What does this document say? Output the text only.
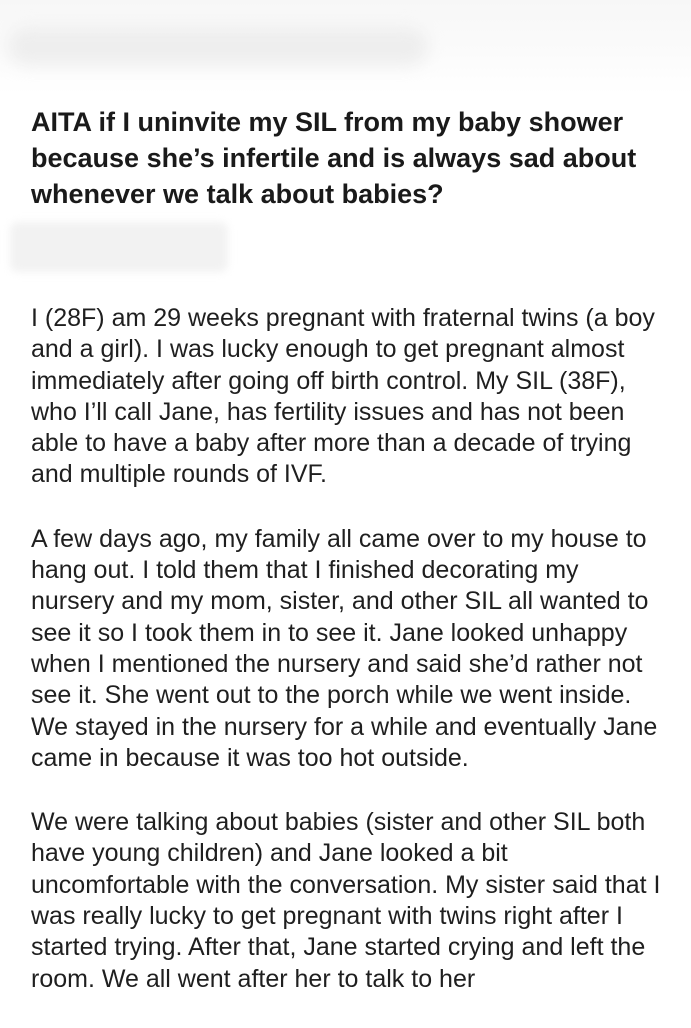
AITA if I uninvite my SIL from my baby shower because she’s infertile and is always sad about whenever we talk about babies?

I (28F) am 29 weeks pregnant with fraternal twins (a boy and a girl). I was lucky enough to get pregnant almost immediately after going off birth control. My SIL (38F), who I’ll call Jane, has fertility issues and has not been able to have a baby after more than a decade of trying and multiple rounds of IVF.

A few days ago, my family all came over to my house to hang out. I told them that I finished decorating my nursery and my mom, sister, and other SIL all wanted to see it so I took them in to see it. Jane looked unhappy when I mentioned the nursery and said she’d rather not see it. She went out to the porch while we went inside. We stayed in the nursery for a while and eventually Jane came in because it was too hot outside.

We were talking about babies (sister and other SIL both have young children) and Jane looked a bit uncomfortable with the conversation. My sister said that I was really lucky to get pregnant with twins right after I started trying. After that, Jane started crying and left the room. We all went after her to talk to her
